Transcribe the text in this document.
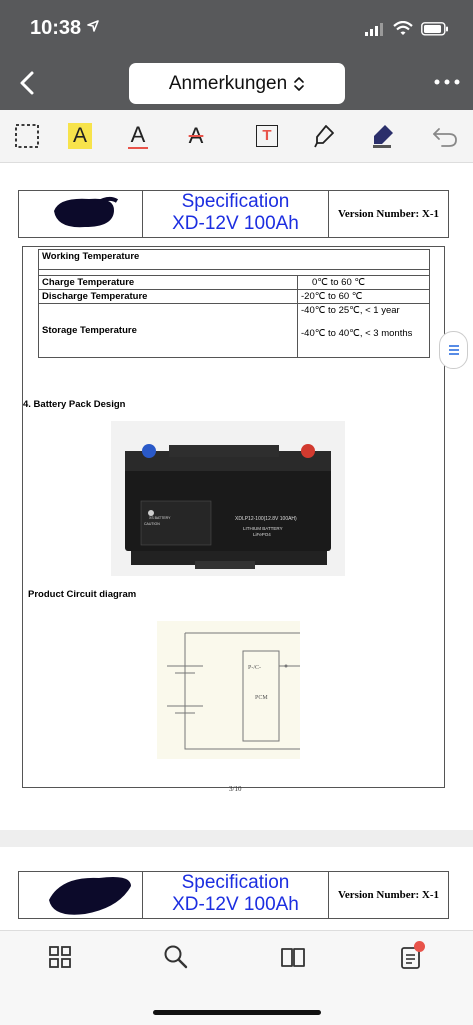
10:38
Anmerkungen
A A A	T
Specification
XD-12V 100Ah	Version Number: X-1
Working Temperature	

Charge Temperature	0℃ to 60 ℃
Discharge Temperature	-20℃ to 60 ℃
Storage Temperature	-40℃ to 25℃, < 1 year
-40℃ to 40℃, < 3 months
4. Battery Pack Design
XDLP12-100(12.8V 100AH)
LITHIUM BATTERY
LiFePO4
CAUTION
XS BATTERY
Product Circuit diagram
P-/C-
PCM
3/10
Specification
XD-12V 100Ah	Version Number: X-1
